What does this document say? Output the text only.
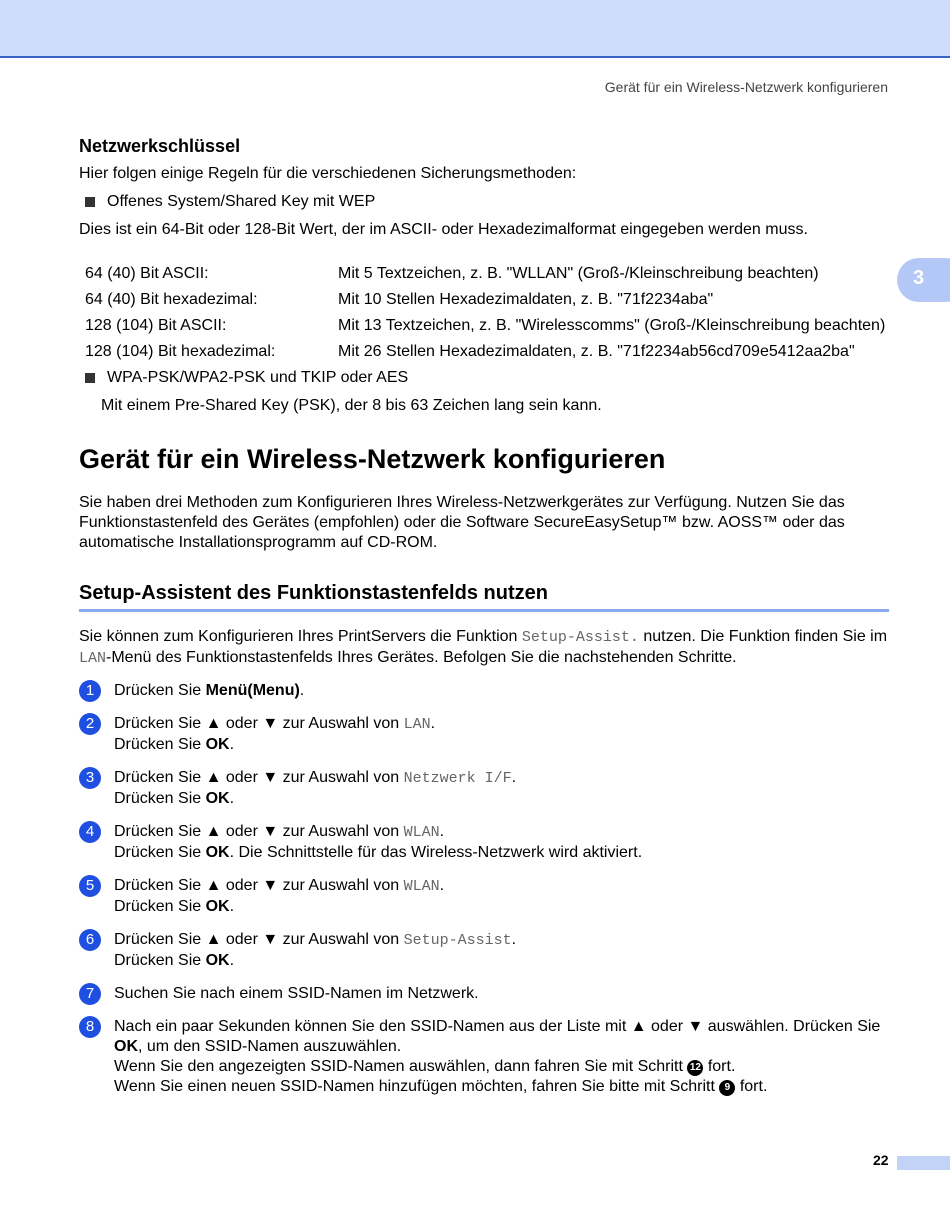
Gerät für ein Wireless-Netzwerk konfigurieren
3
Netzwerkschlüssel

Hier folgen einige Regeln für die verschiedenen Sicherungsmethoden:

Offenes System/Shared Key mit WEP

Dies ist ein 64-Bit oder 128-Bit Wert, der im ASCII- oder Hexadezimalformat eingegeben werden muss.

64 (40) Bit ASCII:	Mit 5 Textzeichen, z. B. "WLLAN" (Groß-/Kleinschreibung beachten)
64 (40) Bit hexadezimal:	Mit 10 Stellen Hexadezimaldaten, z. B. "71f2234aba"
128 (104) Bit ASCII:	Mit 13 Textzeichen, z. B. "Wirelesscomms" (Groß-/Kleinschreibung beachten)
128 (104) Bit hexadezimal:	Mit 26 Stellen Hexadezimaldaten, z. B. "71f2234ab56cd709e5412aa2ba"
WPA-PSK/WPA2-PSK und TKIP oder AES

Mit einem Pre-Shared Key (PSK), der 8 bis 63 Zeichen lang sein kann.

Gerät für ein Wireless-Netzwerk konfigurieren

Sie haben drei Methoden zum Konfigurieren Ihres Wireless-Netzwerkgerätes zur Verfügung. Nutzen Sie das Funktionstastenfeld des Gerätes (empfohlen) oder die Software SecureEasySetup™ bzw. AOSS™ oder das automatische Installationsprogramm auf CD-ROM.

Setup-Assistent des Funktionstastenfelds nutzen

Sie können zum Konfigurieren Ihres PrintServers die Funktion Setup-Assist. nutzen. Die Funktion finden Sie im LAN-Menü des Funktionstastenfelds Ihres Gerätes. Befolgen Sie die nachstehenden Schritte.

1	Drücken Sie Menü(Menu).
2	Drücken Sie ▲ oder ▼ zur Auswahl von LAN.
Drücken Sie OK.
3	Drücken Sie ▲ oder ▼ zur Auswahl von Netzwerk I/F.
Drücken Sie OK.
4	Drücken Sie ▲ oder ▼ zur Auswahl von WLAN.
Drücken Sie OK. Die Schnittstelle für das Wireless-Netzwerk wird aktiviert.
5	Drücken Sie ▲ oder ▼ zur Auswahl von WLAN.
Drücken Sie OK.
6	Drücken Sie ▲ oder ▼ zur Auswahl von Setup-Assist.
Drücken Sie OK.
7	Suchen Sie nach einem SSID-Namen im Netzwerk.
8	Nach ein paar Sekunden können Sie den SSID-Namen aus der Liste mit ▲ oder ▼ auswählen. Drücken Sie OK, um den SSID-Namen auszuwählen.
Wenn Sie den angezeigten SSID-Namen auswählen, dann fahren Sie mit Schritt 12 fort.
Wenn Sie einen neuen SSID-Namen hinzufügen möchten, fahren Sie bitte mit Schritt 9 fort.
22
